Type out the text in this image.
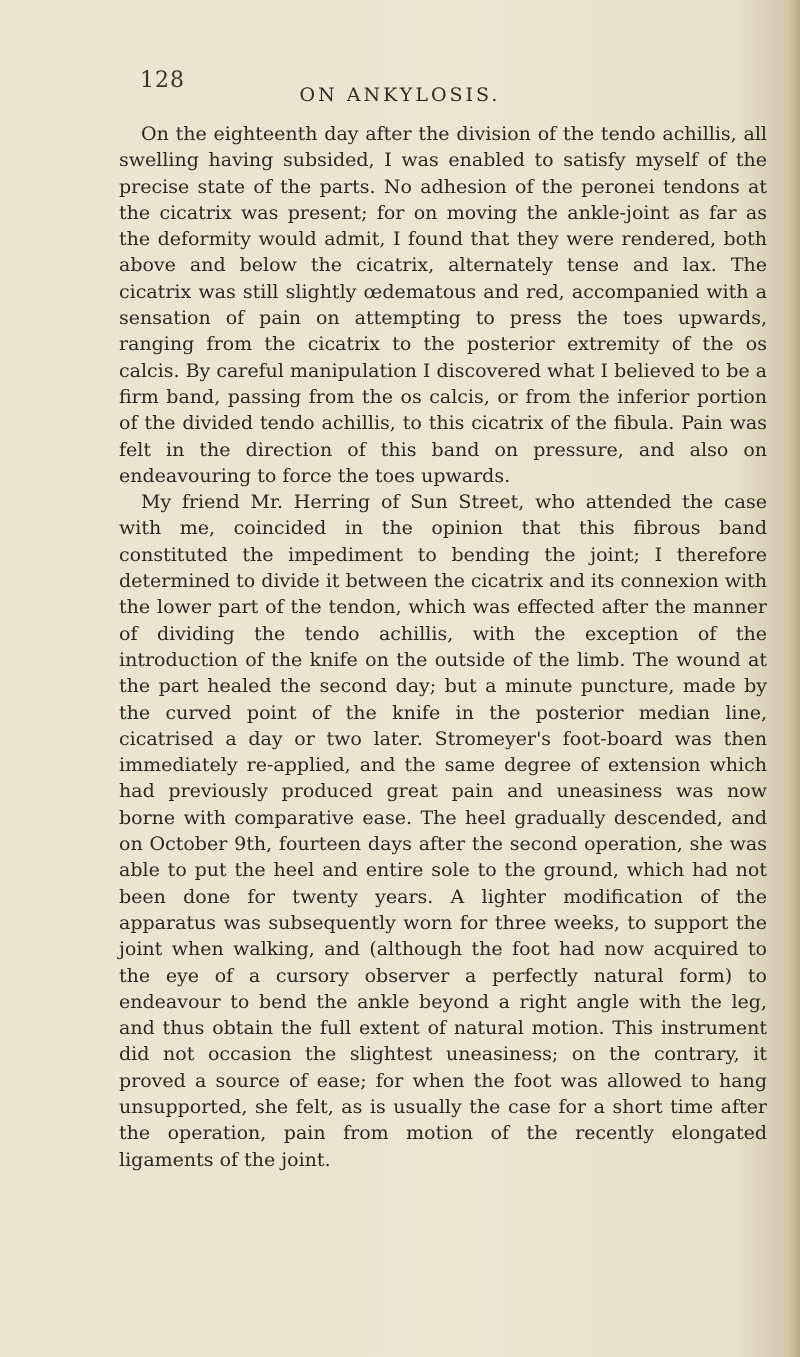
128
ON ANKYLOSIS.

On the eighteenth day after the division of the tendo achillis, all swelling having subsided, I was enabled to satisfy myself of the precise state of the parts. No adhesion of the peronei tendons at the cicatrix was present; for on moving the ankle-joint as far as the deformity would admit, I found that they were rendered, both above and below the cicatrix, alternately tense and lax. The cicatrix was still slightly œdematous and red, accompanied with a sensation of pain on attempting to press the toes upwards, ranging from the cicatrix to the posterior extremity of the os calcis. By careful manipulation I discovered what I believed to be a firm band, passing from the os calcis, or from the inferior portion of the divided tendo achillis, to this cicatrix of the fibula. Pain was felt in the direction of this band on pressure, and also on endeavouring to force the toes upwards.

My friend Mr. Herring of Sun Street, who attended the case with me, coincided in the opinion that this fibrous band constituted the impediment to bending the joint; I therefore determined to divide it between the cicatrix and its connexion with the lower part of the tendon, which was effected after the manner of dividing the tendo achillis, with the exception of the introduction of the knife on the outside of the limb. The wound at the part healed the second day; but a minute puncture, made by the curved point of the knife in the posterior median line, cicatrised a day or two later. Stromeyer's foot-board was then immediately re-applied, and the same degree of extension which had previously produced great pain and uneasiness was now borne with comparative ease. The heel gradually descended, and on October 9th, fourteen days after the second operation, she was able to put the heel and entire sole to the ground, which had not been done for twenty years. A lighter modification of the apparatus was subsequently worn for three weeks, to support the joint when walking, and (although the foot had now acquired to the eye of a cursory observer a perfectly natural form) to endeavour to bend the ankle beyond a right angle with the leg, and thus obtain the full extent of natural motion. This instrument did not occasion the slightest uneasiness; on the contrary, it proved a source of ease; for when the foot was allowed to hang unsupported, she felt, as is usually the case for a short time after the operation, pain from motion of the recently elongated ligaments of the joint.
